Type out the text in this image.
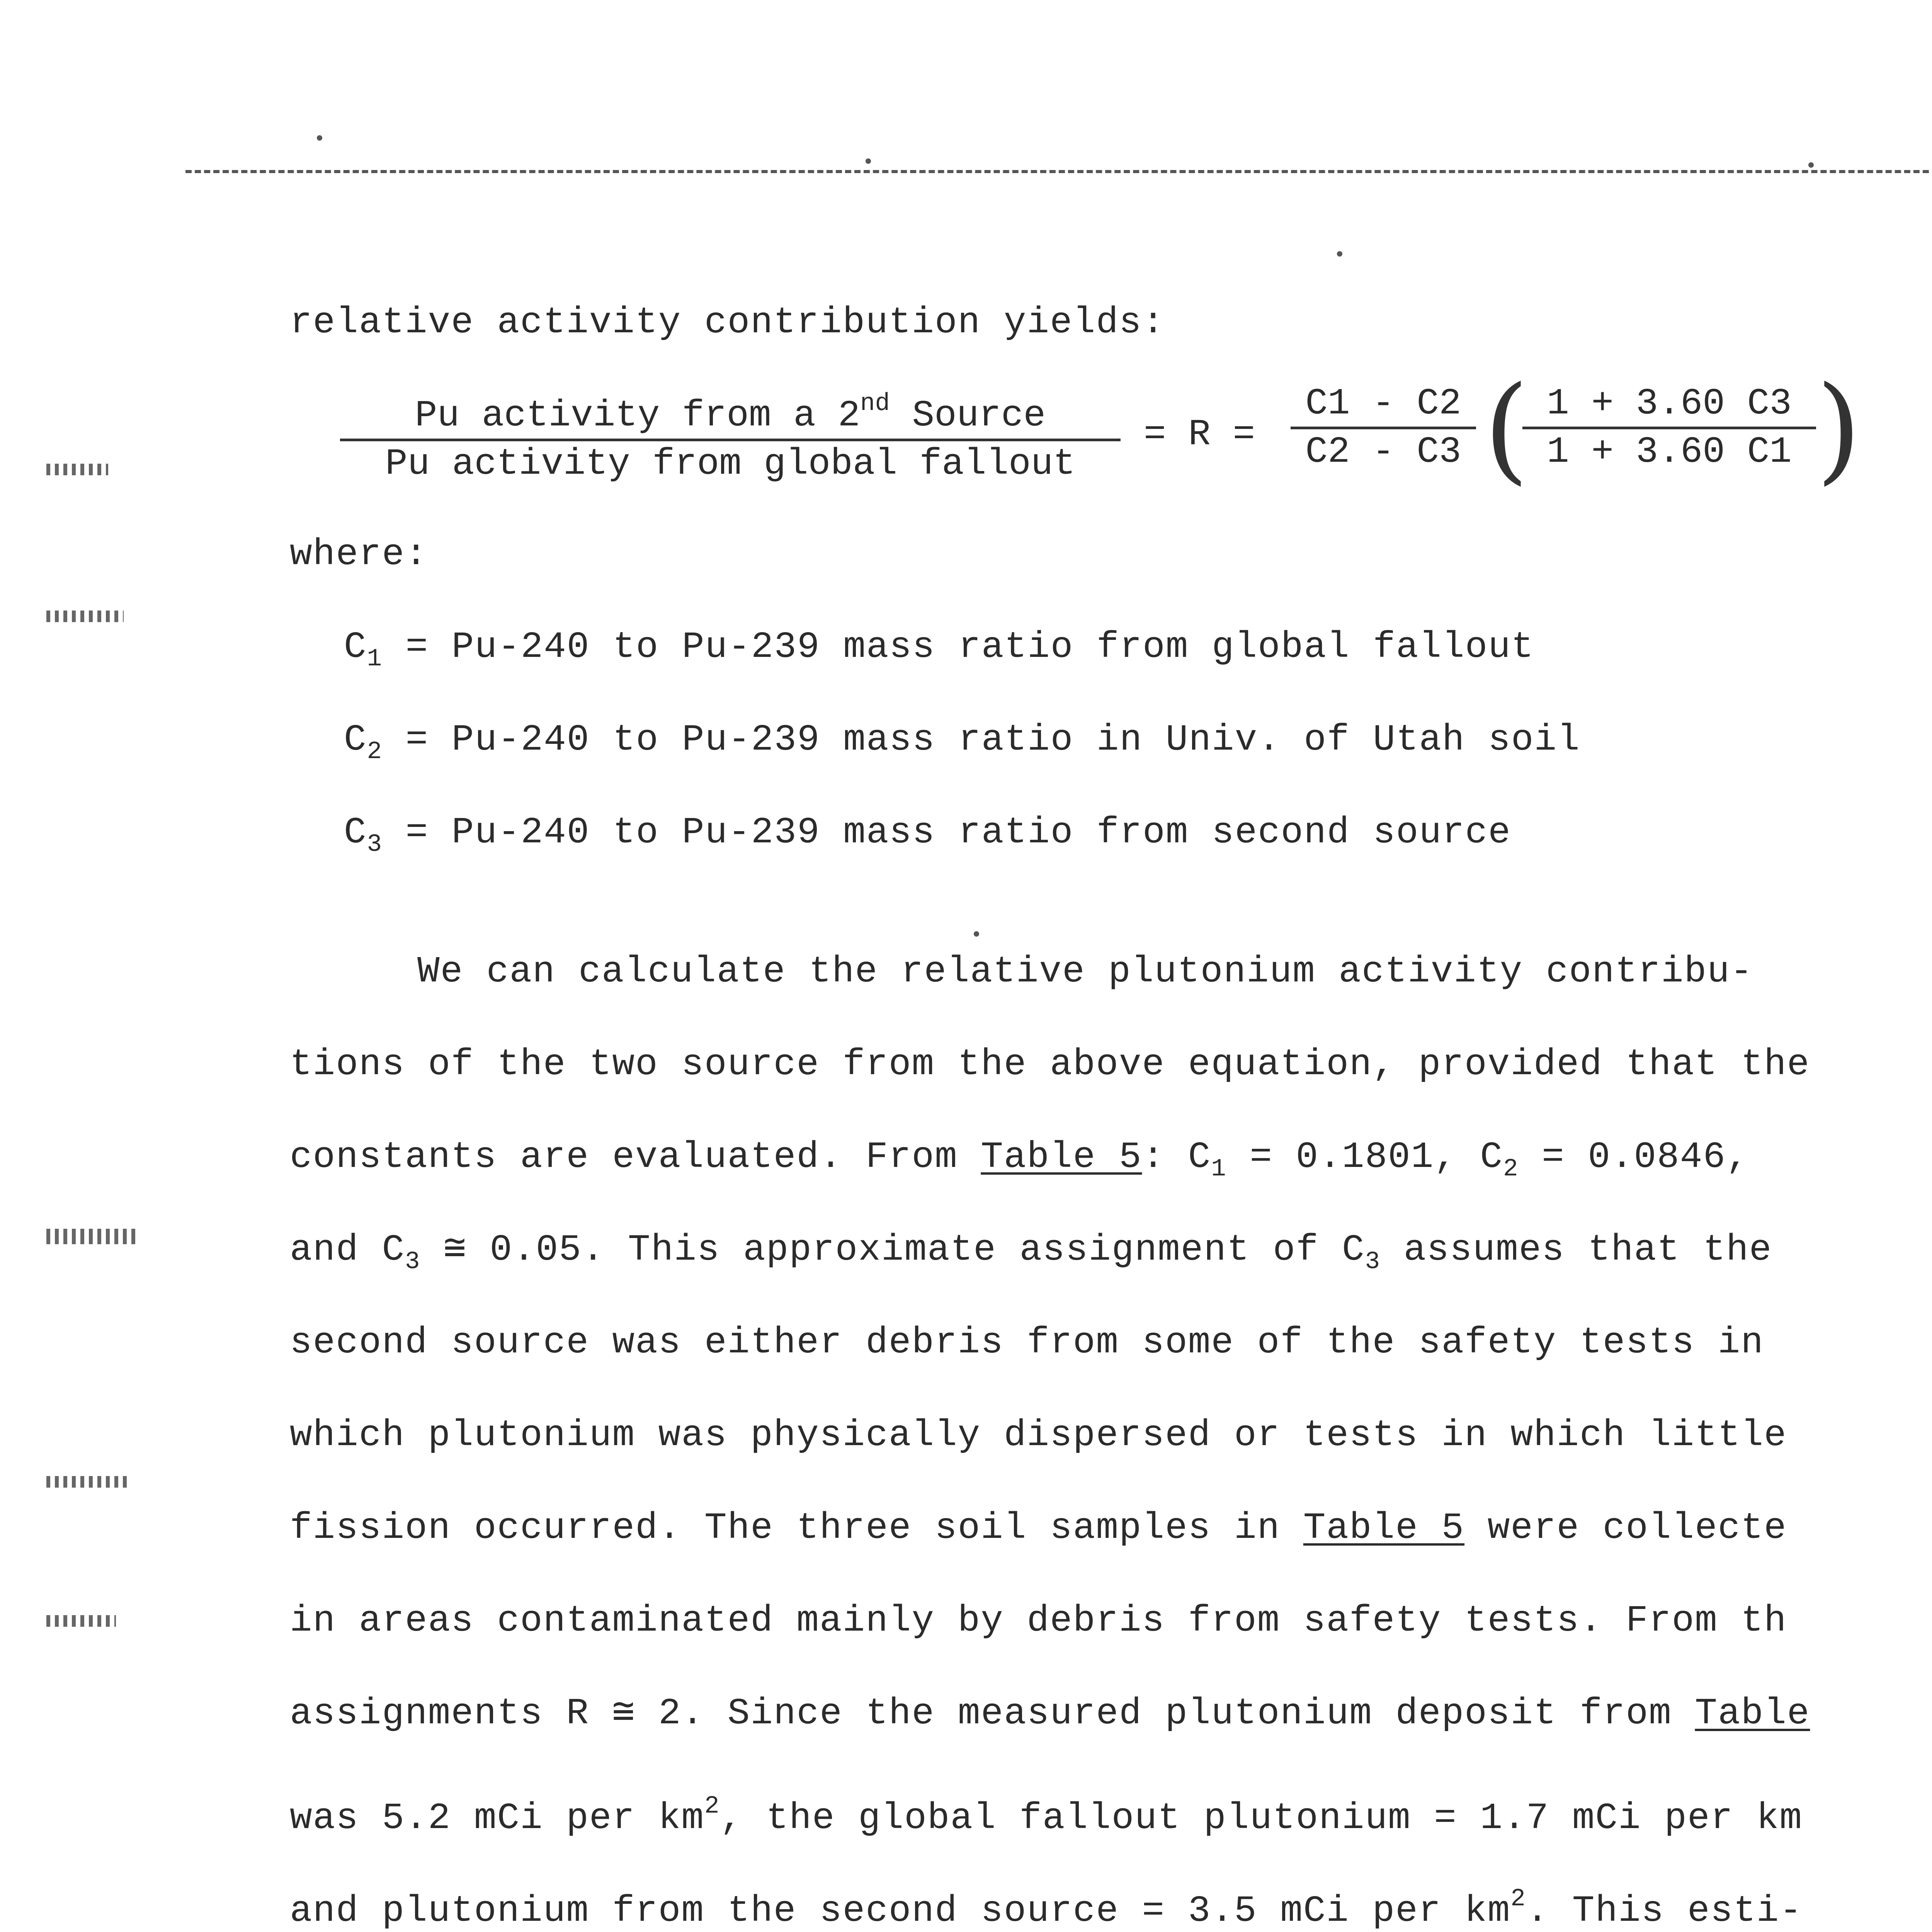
relative activity contribution yields:
Pu activity from a 2nd Source
Pu activity from global fallout
= R =
C1 - C2
C2 - C3 ( 1 + 3.60 C3
1 + 3.60 C1 )
where:
$C_1 = Pu-240$ to Pu-239 mass ratio from global fallout
$C_2 = Pu-240$ to Pu-239 mass ratio in Univ. of Utah soil
$C_3 = Pu-240$ to Pu-239 mass ratio from second source
We can calculate the relative plutonium activity contribu-
tions of the two source from the above equation, provided that the
constants are evaluated. From Table 5: $C_1 = 0.1801$, $C_2 = 0.0846$,
and $C_3$ ≅ 0.05. This approximate assignment of $C_3$ assumes that the
second source was either debris from some of the safety tests in
which plutonium was physically dispersed or tests in which little
fission occurred. The three soil samples in Table 5 were collecte
in areas contaminated mainly by debris from safety tests. From th
assignments R ≅ 2. Since the measured plutonium deposit from Table
was 5.2 mCi per $km^2$, the global fallout plutonium = 1.7 mCi per km
and plutonium from the second source = 3.5 mCi per $km^2$. This esti-
